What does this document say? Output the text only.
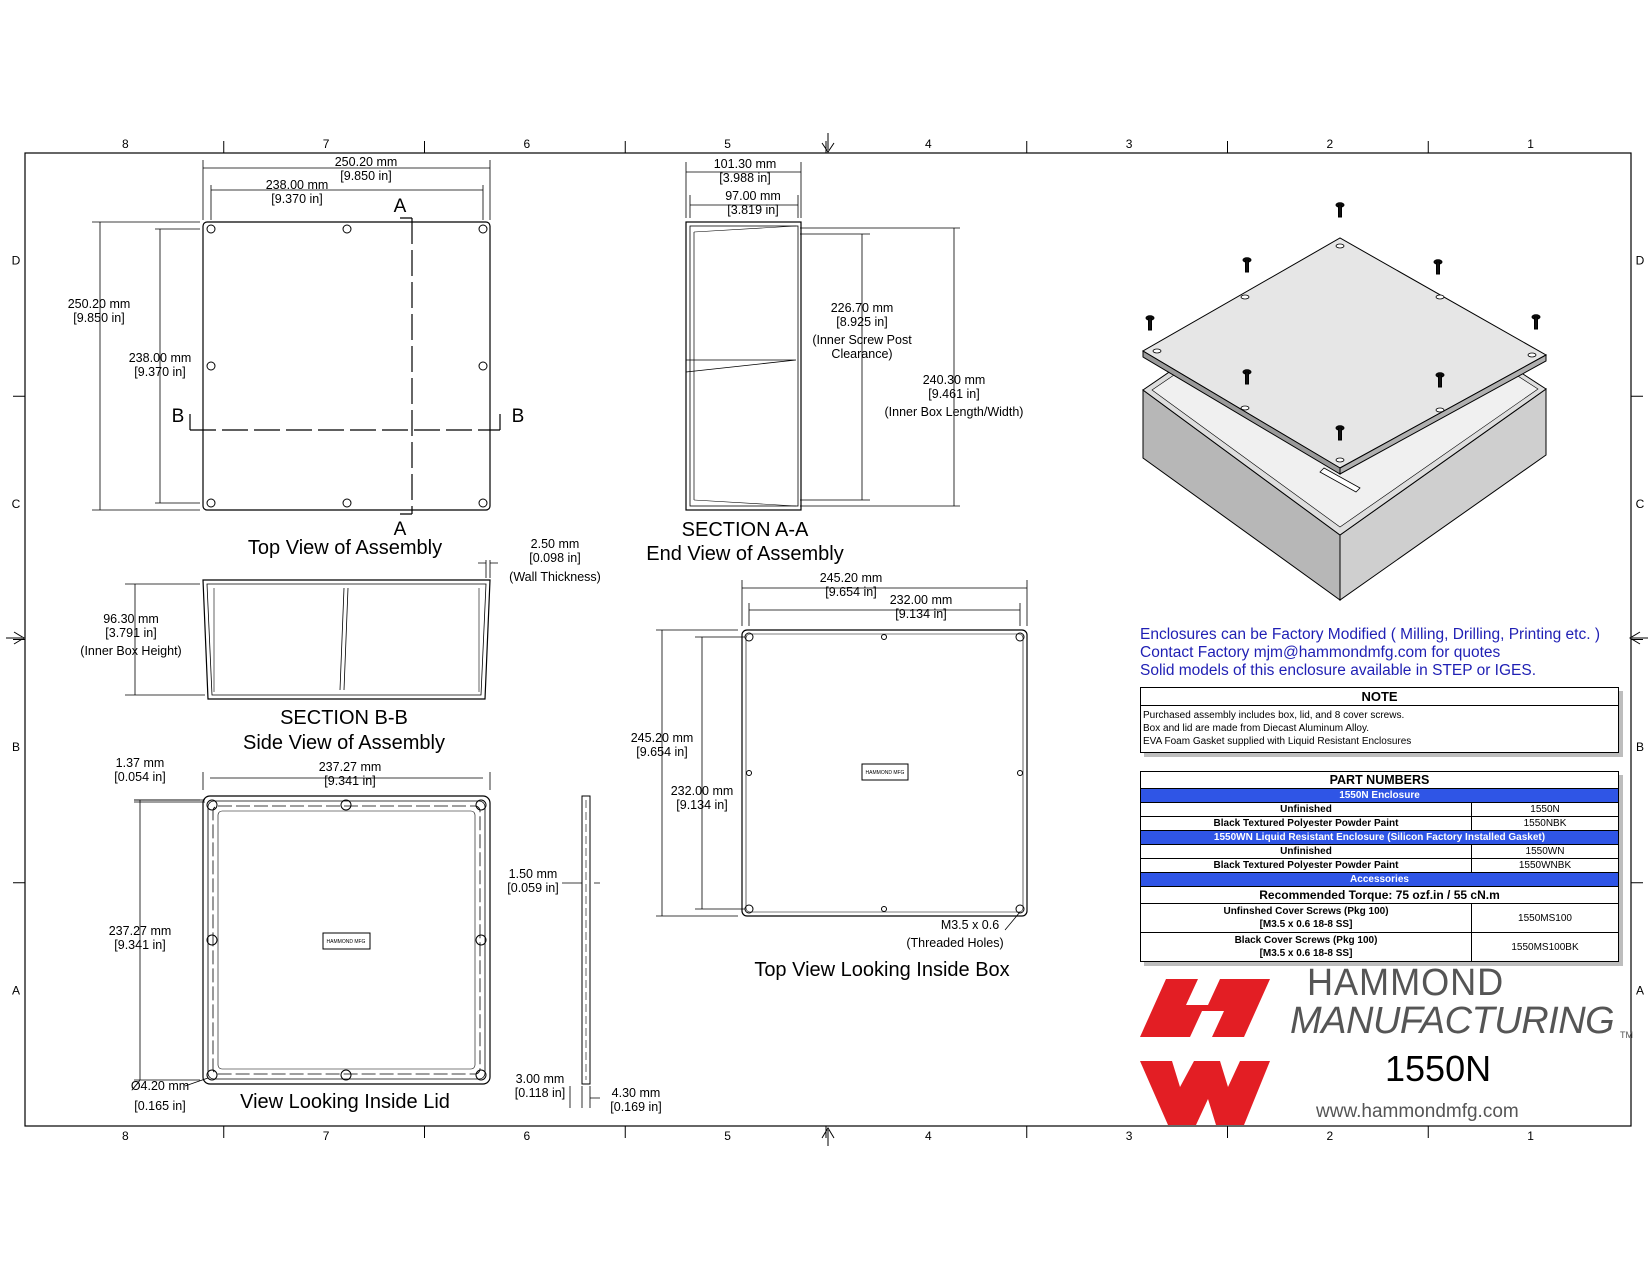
8
8
7
7
6
6
5
5
4
4
3
3
2
2
1
1
D	D
C	C
B	B
A	A
250.20 mm
[9.850 in]
238.00 mm
[9.370 in]
250.20 mm
[9.850 in]
238.00 mm
[9.370 in]
A
A
B	B
Top View of Assembly
101.30 mm
[3.988 in]
97.00 mm
[3.819 in]
226.70 mm
[8.925 in]
(Inner Screw Post
Clearance)
240.30 mm
[9.461 in]
(Inner Box Length/Width)
SECTION A-A
End View of Assembly
96.30 mm
[3.791 in]
(Inner Box Height)
2.50 mm
[0.098 in]
(Wall Thickness)
SECTION B-B
Side View of Assembly
1.37 mm
[0.054 in]
237.27 mm
[9.341 in]
237.27 mm
[9.341 in]
Ø4.20 mm
[0.165 in]
1.50 mm
[0.059 in]
3.00 mm
[0.118 in]	4.30 mm
[0.169 in]
View Looking Inside Lid
HAMMOND MFG
245.20 mm
[9.654 in]
232.00 mm
[9.134 in]
245.20 mm
[9.654 in]
232.00 mm
[9.134 in]
M3.5 x 0.6
(Threaded Holes)
Top View Looking Inside Box
HAMMOND MFG
Enclosures can be Factory Modified ( Milling, Drilling, Printing etc. )
Contact Factory mjm@hammondmfg.com for quotes
Solid models of this enclosure available in STEP or IGES.
NOTE
Purchased assembly includes box, lid, and 8 cover screws.
Box and lid are made from Diecast Aluminum Alloy.
EVA Foam Gasket supplied with Liquid Resistant Enclosures
PART NUMBERS
1550N Enclosure
Unfinished	1550N
Black Textured Polyester Powder Paint	1550NBK
1550WN Liquid Resistant Enclosure (Silicon Factory Installed Gasket)
Unfinished	1550WN
Black Textured Polyester Powder Paint	1550WNBK
Accessories
Recommended Torque: 75 ozf.in / 55 cN.m
Unfinshed Cover Screws (Pkg 100)
[M3.5 x 0.6 18-8 SS]
1550MS100
Black Cover Screws (Pkg 100)
[M3.5 x 0.6 18-8 SS]
1550MS100BK
HAMMOND
MANUFACTURING TM
1550N
www.hammondmfg.com
